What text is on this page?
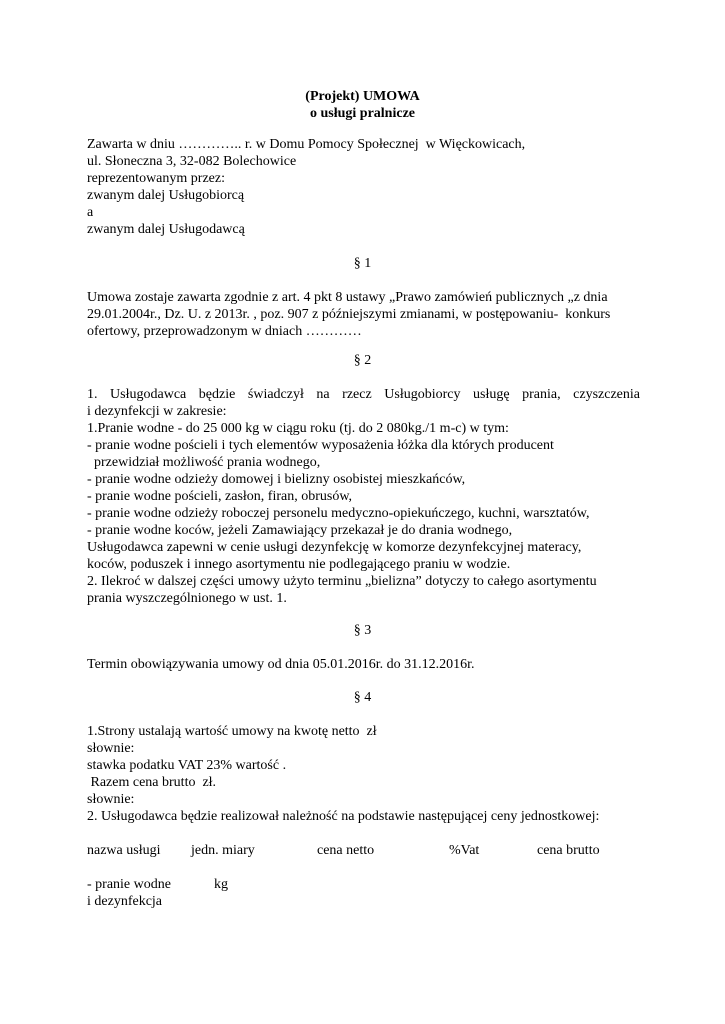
(Projekt) UMOWA
o usługi pralnicze
Zawarta w dniu ………….. r. w Domu Pomocy Społecznej  w Więckowicach,
ul. Słoneczna 3, 32-082 Bolechowice
reprezentowanym przez:
zwanym dalej Usługobiorcą
a
zwanym dalej Usługodawcą
§ 1
Umowa zostaje zawarta zgodnie z art. 4 pkt 8 ustawy „Prawo zamówień publicznych „z dnia
29.01.2004r., Dz. U. z 2013r. , poz. 907 z późniejszymi zmianami, w postępowaniu-  konkurs
ofertowy, przeprowadzonym w dniach …………
§ 2
1. Usługodawca będzie świadczył na rzecz Usługobiorcy usługę prania, czyszczenia
i dezynfekcji w zakresie:
1.Pranie wodne - do 25 000 kg w ciągu roku (tj. do 2 080kg./1 m-c) w tym:
- pranie wodne pościeli i tych elementów wyposażenia łóżka dla których producent
przewidział możliwość prania wodnego,
- pranie wodne odzieży domowej i bielizny osobistej mieszkańców,
- pranie wodne pościeli, zasłon, firan, obrusów,
- pranie wodne odzieży roboczej personelu medyczno-opiekuńczego, kuchni, warsztatów,
- pranie wodne koców, jeżeli Zamawiający przekazał je do drania wodnego,
Usługodawca zapewni w cenie usługi dezynfekcję w komorze dezynfekcyjnej materacy,
koców, poduszek i innego asortymentu nie podlegającego praniu w wodzie.
2. Ilekroć w dalszej części umowy użyto terminu „bielizna” dotyczy to całego asortymentu
prania wyszczególnionego w ust. 1.
§ 3
Termin obowiązywania umowy od dnia 05.01.2016r. do 31.12.2016r.
§ 4
1.Strony ustalają wartość umowy na kwotę netto  zł
słownie:
stawka podatku VAT 23% wartość .
Razem cena brutto  zł.
słownie:
2. Usługodawca będzie realizował należność na podstawie następującej ceny jednostkowej:
nazwa usługi jedn. miary	cena netto	%Vat	cena brutto
- pranie wodne	kg
i dezynfekcja
